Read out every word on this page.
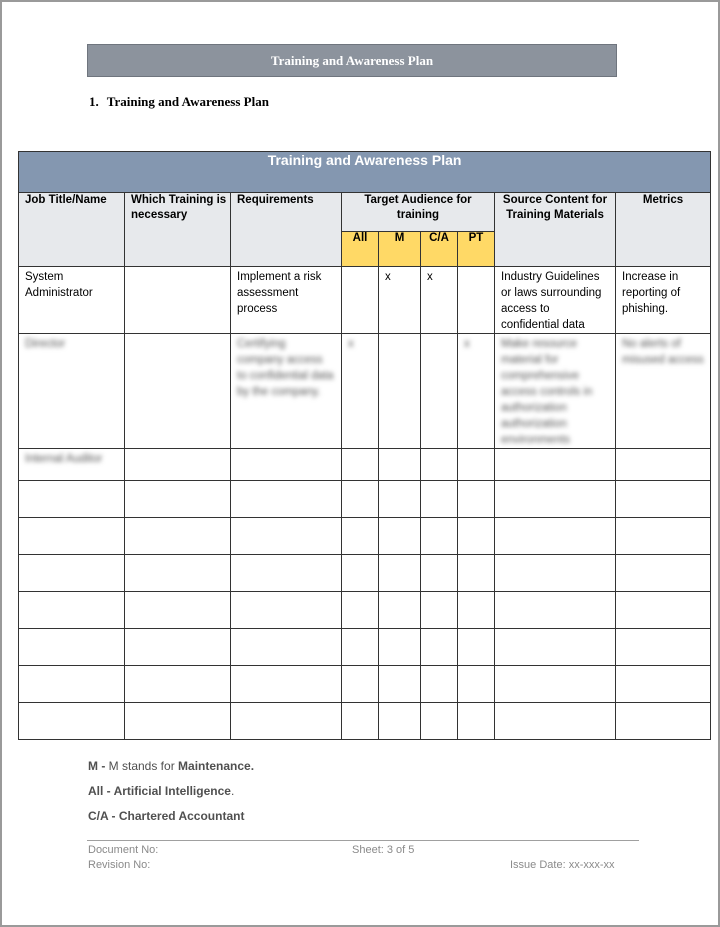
Training and Awareness Plan
1. Training and Awareness Plan
Training and Awareness Plan								
Job Title/Name	Which Training is necessary	Requirements	Target Audience for training				Source Content for Training Materials	Metrics
			All	M	C/A	PT		

System Administrator		Implement a risk assessment process		x	x		Industry Guidelines or laws surrounding access to confidential data	Increase in reporting of phishing.

Director		Certifying company access to confidential data by the company.	x			x	Make resource material for comprehensive access controls in authorization authorization environments	No alerts of misused access

Internal Auditor								

M - M stands for Maintenance.
All - Artificial Intelligence.
C/A - Chartered Accountant
Document No:
Revision No:
Sheet: 3 of 5
Issue Date: xx-xxx-xx
